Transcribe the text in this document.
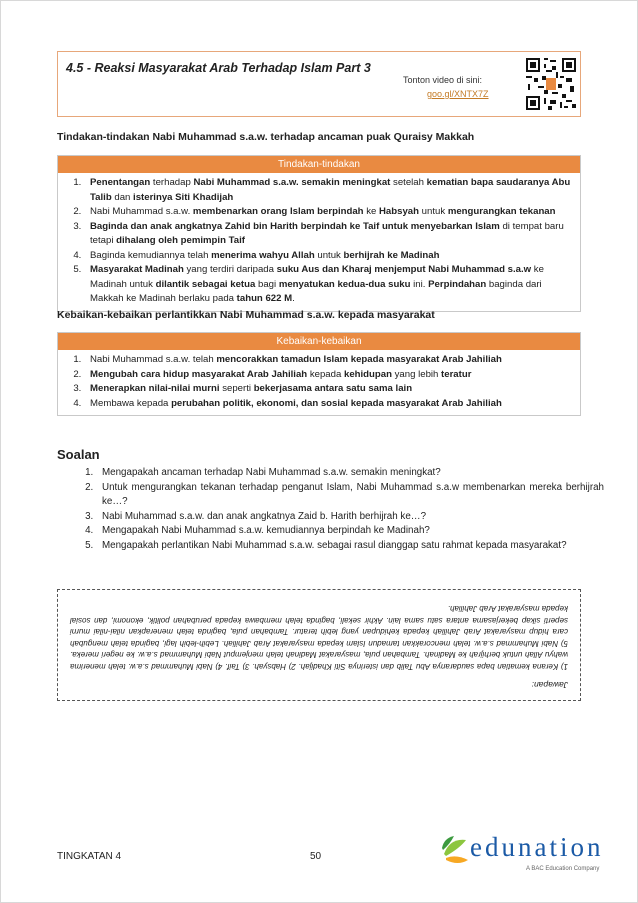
4.5 - Reaksi Masyarakat Arab Terhadap Islam Part 3
Tonton video di sini:
goo.gl/XNTX7Z
Tindakan-tindakan Nabi Muhammad s.a.w. terhadap ancaman puak Quraisy Makkah
Tindakan-tindakan
1. Penentangan terhadap Nabi Muhammad s.a.w. semakin meningkat setelah kematian bapa saudaranya Abu Talib dan isterinya Siti Khadijah
2. Nabi Muhammad s.a.w. membenarkan orang Islam berpindah ke Habsyah untuk mengurangkan tekanan
3. Baginda dan anak angkatnya Zahid bin Harith berpindah ke Taif untuk menyebarkan Islam di tempat baru tetapi dihalang oleh pemimpin Taif
4. Baginda kemudiannya telah menerima wahyu Allah untuk berhijrah ke Madinah
5. Masyarakat Madinah yang terdiri daripada suku Aus dan Kharaj menjemput Nabi Muhammad s.a.w ke Madinah untuk dilantik sebagai ketua bagi menyatukan kedua-dua suku ini. Perpindahan baginda dari Makkah ke Madinah berlaku pada tahun 622 M.
Kebaikan-kebaikan perlantikkan Nabi Muhammad s.a.w. kepada masyarakat
Kebaikan-kebaikan
1. Nabi Muhammad s.a.w. telah mencorakkan tamadun Islam kepada masyarakat Arab Jahiliah
2. Mengubah cara hidup masyarakat Arab Jahiliah kepada kehidupan yang lebih teratur
3. Menerapkan nilai-nilai murni seperti bekerjasama antara satu sama lain
4. Membawa kepada perubahan politik, ekonomi, dan sosial kepada masyarakat Arab Jahiliah
Soalan
1. Mengapakah ancaman terhadap Nabi Muhammad s.a.w. semakin meningkat?
2. Untuk mengurangkan tekanan terhadap penganut Islam, Nabi Muhammad s.a.w membenarkan mereka berhijrah ke…?
3. Nabi Muhammad s.a.w. dan anak angkatnya Zaid b. Harith berhijrah ke…?
4. Mengapakah Nabi Muhammad s.a.w. kemudiannya berpindah ke Madinah?
5. Mengapakah perlantikan Nabi Muhammad s.a.w. sebagai rasul dianggap satu rahmat kepada masyarakat?
Jawapan:
1) Kerana kematian bapa saudaranya Abu Talib dan isterinya Siti Khadijah. 2) Habsyah. 3) Taif. 4) Nabi Muhammad s.a.w. telah menerima wahyu Allah untuk berhijrah ke Madinah. Tambahan pula, masyarakat Madinah telah menjemput Nabi Muhammad s.a.w. ke negeri mereka. 5) Nabi Muhammad s.a.w. telah mencorakkan tamadun Islam kepada masyarakat Arab Jahiliah. Lebih-lebih lagi, baginda telah mengubah cara hidup masyarakat Arab Jahiliah kepada kehidupan yang lebih teratur. Tambahan pula, baginda telah menerapkan nilai-nilai murni seperti sikap bekerjasama antara satu sama lain. Akhir sekali, baginda telah membawa kepada perubahan politik, ekonomi, dan sosial kepada masyarakat Arab Jahiliah.
TINGKATAN 4	50	edunation
A BAC Education Company
